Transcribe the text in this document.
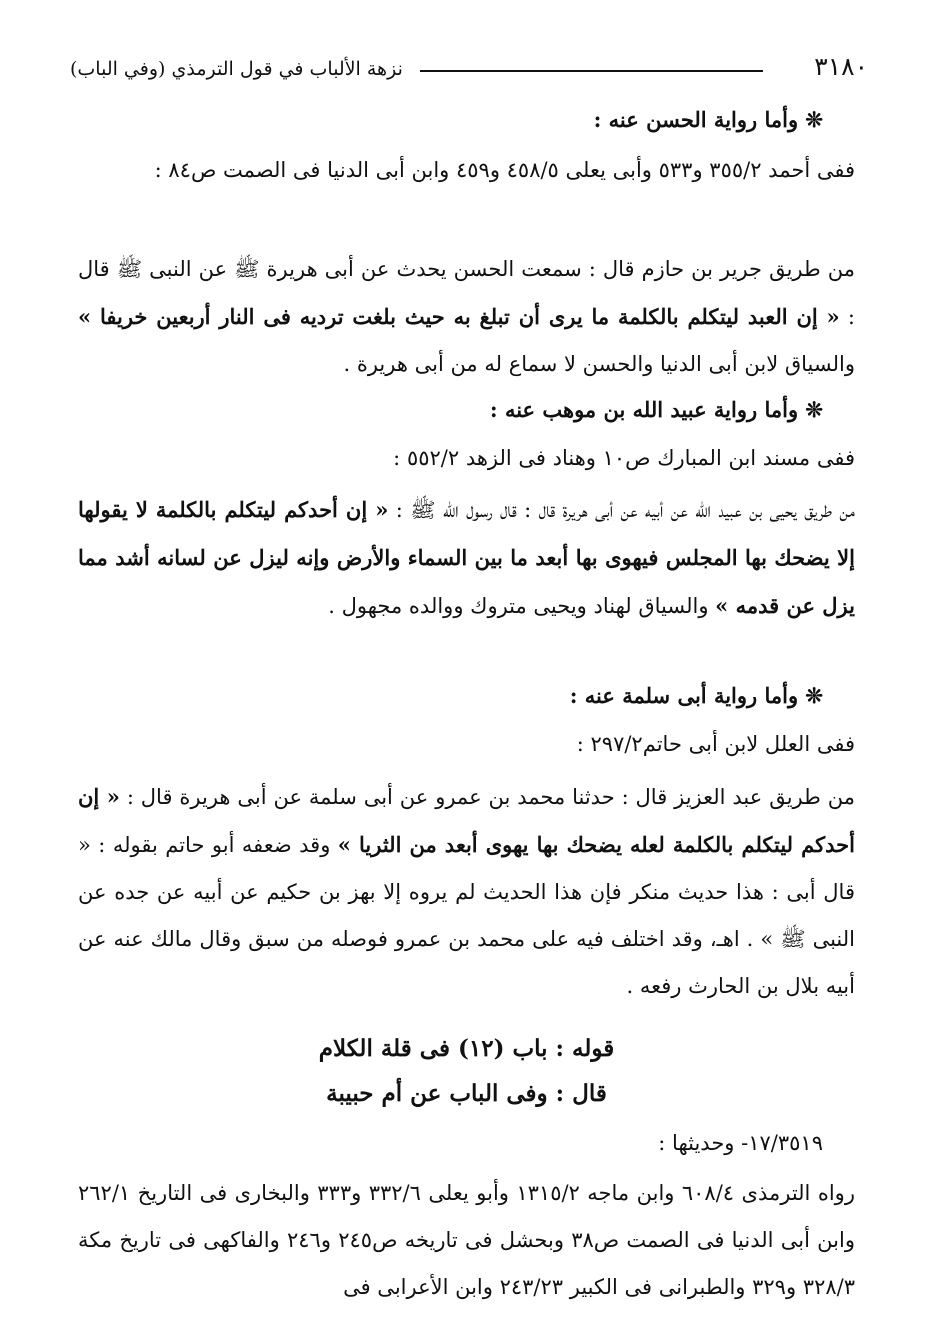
٣١٨٠
نزهة الألباب في قول الترمذي (وفي الباب)

❊ وأما رواية الحسن عنه :

ففى أحمد ٣٥٥/٢ و٥٣٣ وأبى يعلى ٤٥٨/٥ و٤٥٩ وابن أبى الدنيا فى الصمت ص٨٤ :

من طريق جرير بن حازم قال : سمعت الحسن يحدث عن أبى هريرة ﷺ عن النبى ﷺ قال : « إن العبد ليتكلم بالكلمة ما يرى أن تبلغ به حيث بلغت ترديه فى النار أربعين خريفا » والسياق لابن أبى الدنيا والحسن لا سماع له من أبى هريرة .

❊ وأما رواية عبيد الله بن موهب عنه :

ففى مسند ابن المبارك ص١٠ وهناد فى الزهد ٥٥٢/٢ :

من طريق يحيى بن عبيد الله عن أبيه عن أبى هريرة قال : قال رسول الله ﷺ : « إن أحدكم ليتكلم بالكلمة لا يقولها إلا يضحك بها المجلس فيهوى بها أبعد ما بين السماء والأرض وإنه ليزل عن لسانه أشد مما يزل عن قدمه » والسياق لهناد ويحيى متروك ووالده مجهول .

❊ وأما رواية أبى سلمة عنه :

ففى العلل لابن أبى حاتم٢٩٧/٢ :

من طريق عبد العزيز قال : حدثنا محمد بن عمرو عن أبى سلمة عن أبى هريرة قال : « إن أحدكم ليتكلم بالكلمة لعله يضحك بها يهوى أبعد من الثريا » وقد ضعفه أبو حاتم بقوله : « قال أبى : هذا حديث منكر فإن هذا الحديث لم يروه إلا بهز بن حكيم عن أبيه عن جده عن النبى ﷺ » . اهـ، وقد اختلف فيه على محمد بن عمرو فوصله من سبق وقال مالك عنه عن أبيه بلال بن الحارث رفعه .

قوله : باب (١٢) فى قلة الكلام

قال : وفى الباب عن أم حبيبة

١٧/٣٥١٩- وحديثها :

رواه الترمذى ٦٠٨/٤ وابن ماجه ١٣١٥/٢ وأبو يعلى ٣٣٢/٦ و٣٣٣ والبخارى فى التاريخ ٢٦٢/١ وابن أبى الدنيا فى الصمت ص٣٨ وبحشل فى تاريخه ص٢٤٥ و٢٤٦ والفاكهى فى تاريخ مكة ٣٢٨/٣ و٣٢٩ والطبرانى فى الكبير ٢٤٣/٢٣ وابن الأعرابى فى
